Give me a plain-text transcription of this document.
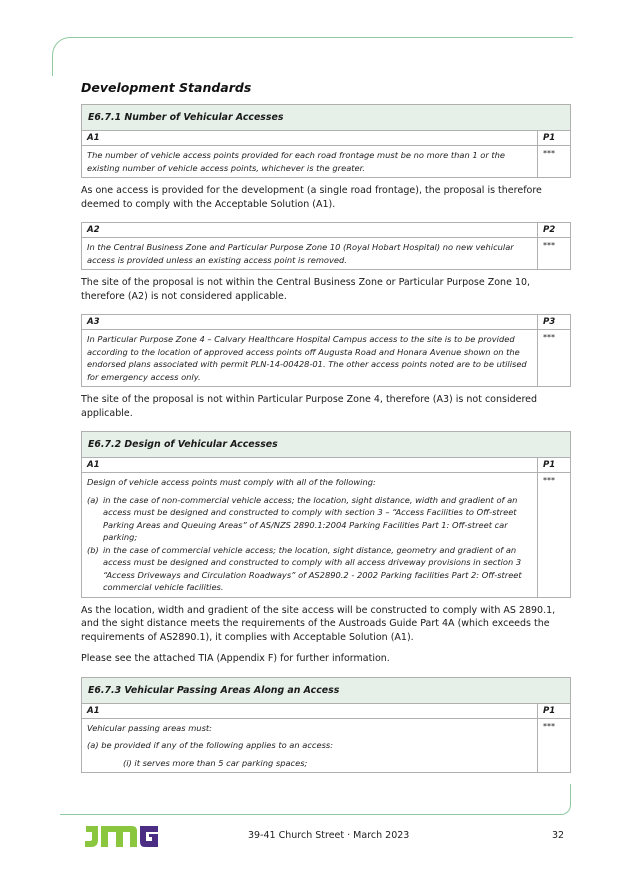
Development Standards
E6.7.1 Number of Vehicular Accesses	
A1	P1
The number of vehicle access points provided for each road frontage must be no more than 1 or the existing number of vehicle access points, whichever is the greater.	***

As one access is provided for the development (a single road frontage), the proposal is therefore deemed to comply with the Acceptable Solution (A1).

A2	P2
In the Central Business Zone and Particular Purpose Zone 10 (Royal Hobart Hospital) no new vehicular access is provided unless an existing access point is removed.	***

The site of the proposal is not within the Central Business Zone or Particular Purpose Zone 10, therefore (A2) is not considered applicable.

A3	P3
In Particular Purpose Zone 4 – Calvary Healthcare Hospital Campus access to the site is to be provided according to the location of approved access points off Augusta Road and Honara Avenue shown on the endorsed plans associated with permit PLN-14-00428-01. The other access points noted are to be utilised for emergency access only.	***

The site of the proposal is not within Particular Purpose Zone 4, therefore (A3) is not considered applicable.

E6.7.2 Design of Vehicular Accesses	
A1	P1

Design of vehicle access points must comply with all of the following:
(a) in the case of non-commercial vehicle access; the location, sight distance, width and gradient of an access must be designed and constructed to comply with section 3 – “Access Facilities to Off-street Parking Areas and Queuing Areas” of AS/NZS 2890.1:2004 Parking Facilities Part 1: Off-street car parking;
(b) in the case of commercial vehicle access; the location, sight distance, geometry and gradient of an access must be designed and constructed to comply with all access driveway provisions in section 3 “Access Driveways and Circulation Roadways” of AS2890.2 - 2002 Parking facilities Part 2: Off-street commercial vehicle facilities.	***

As the location, width and gradient of the site access will be constructed to comply with AS 2890.1, and the sight distance meets the requirements of the Austroads Guide Part 4A (which exceeds the requirements of AS2890.1), it complies with Acceptable Solution (A1).

Please see the attached TIA (Appendix F) for further information.

E6.7.3 Vehicular Passing Areas Along an Access	
A1	P1

Vehicular passing areas must:
(a) be provided if any of the following applies to an access:
(i) it serves more than 5 car parking spaces;	***
JMG
39-41 Church Street · March 2023	32
